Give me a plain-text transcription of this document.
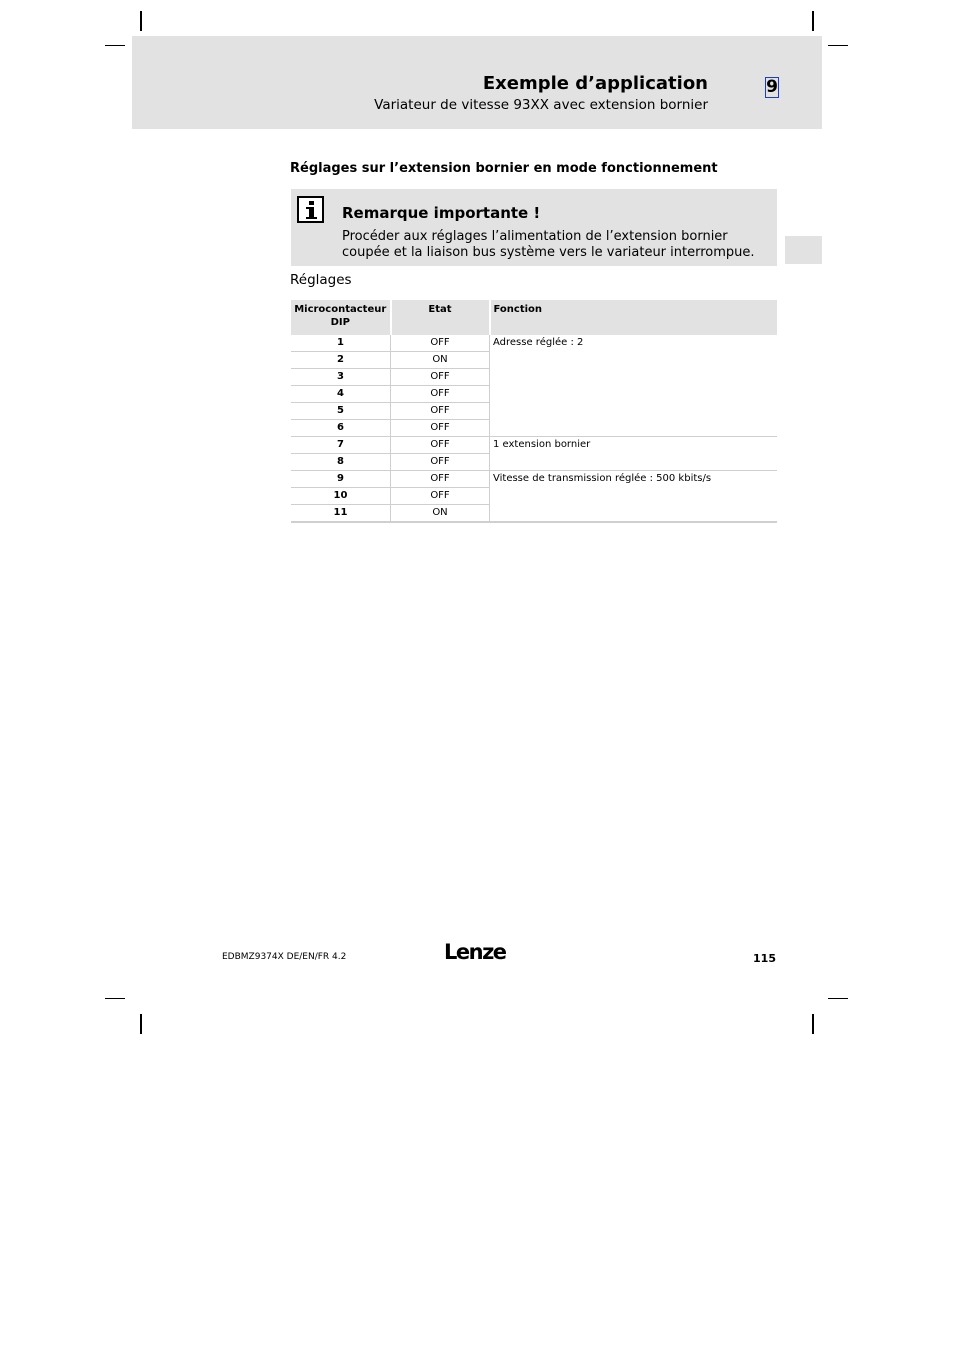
Exemple d’application
Variateur de vitesse 93XX avec extension bornier
9
Réglages sur l’extension bornier en mode fonctionnement
Remarque importante !
Procéder aux réglages l’alimentation de l’extension bornier coupée et la liaison bus système vers le variateur interrompue.
Réglages
Microcontacteur DIP	Etat	Fonction
1	OFF	Adresse réglée : 2
2	ON	
3	OFF	
4	OFF	
5	OFF	
6	OFF	
7	OFF	1 extension bornier
8	OFF	
9	OFF	Vitesse de transmission réglée : 500 kbits/s
10	OFF	
11	ON	
EDBMZ9374X DE/EN/FR 4.2	Lenze	115
